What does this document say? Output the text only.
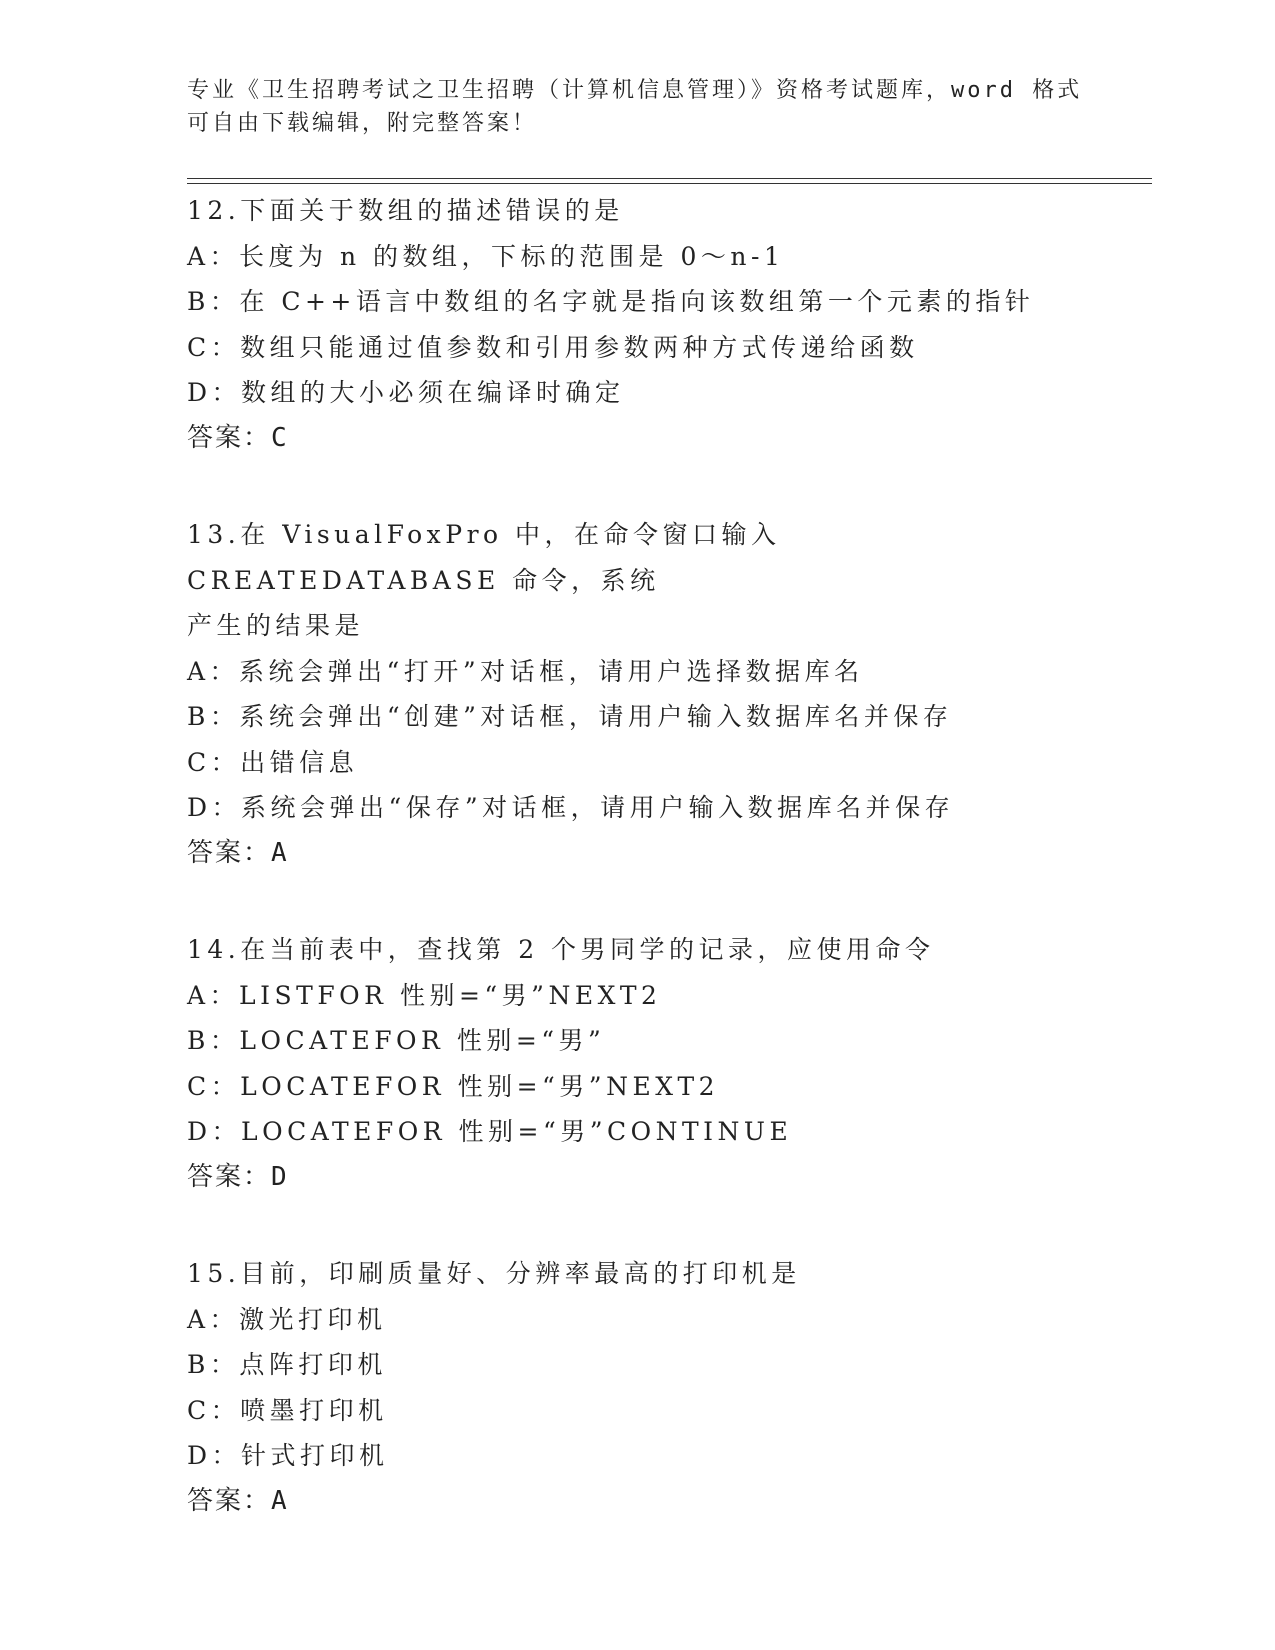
专业《卫生招聘考试之卫生招聘（计算机信息管理）》资格考试题库，word 格式
可自由下载编辑，附完整答案！
12.下面关于数组的描述错误的是
A：长度为 n 的数组，下标的范围是 0～n-1
B：在 C++语言中数组的名字就是指向该数组第一个元素的指针
C：数组只能通过值参数和引用参数两种方式传递给函数
D：数组的大小必须在编译时确定
答案：C
13.在 VisualFoxPro 中，在命令窗口输入 CREATEDATABASE 命令，系统
产生的结果是
A：系统会弹出“打开”对话框，请用户选择数据库名
B：系统会弹出“创建”对话框，请用户输入数据库名并保存
C：出错信息
D：系统会弹出“保存”对话框，请用户输入数据库名并保存
答案：A
14.在当前表中，查找第 2 个男同学的记录，应使用命令
A：LISTFOR 性别=“男”NEXT2
B：LOCATEFOR 性别=“男”
C：LOCATEFOR 性别=“男”NEXT2
D：LOCATEFOR 性别=“男”CONTINUE
答案：D
15.目前，印刷质量好、分辨率最高的打印机是
A：激光打印机
B：点阵打印机
C：喷墨打印机
D：针式打印机
答案：A
